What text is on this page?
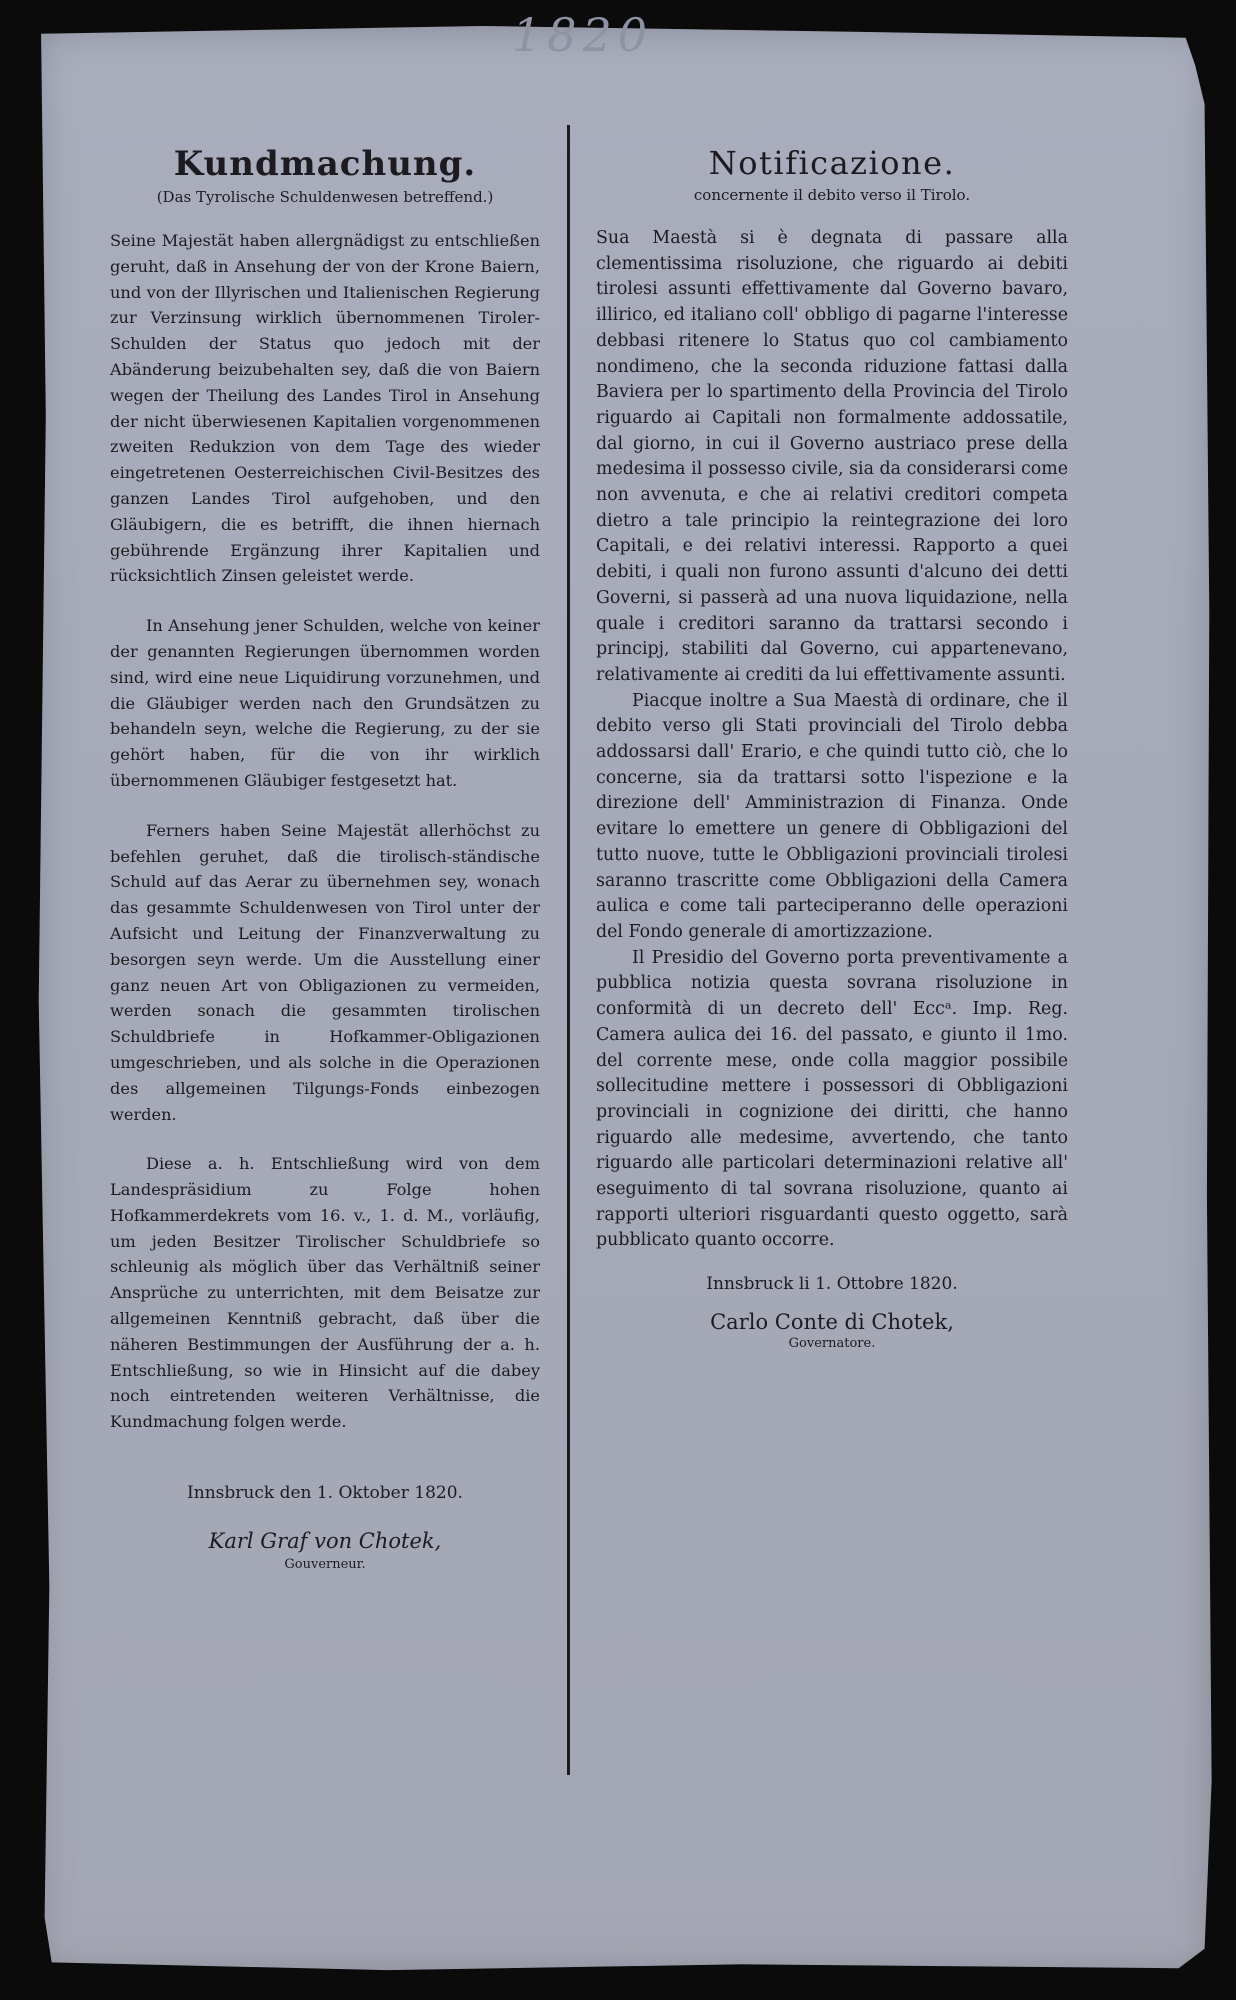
1820
Kundmachung.
(Das Tyrolische Schuldenwesen betreffend.)

Seine Majestät haben allergnädigst zu entschließen geruht, daß in Ansehung der von der Krone Baiern, und von der Illyrischen und Italienischen Regierung zur Verzinsung wirklich übernommenen Tiroler-Schulden der Status quo jedoch mit der Abänderung beizubehalten sey, daß die von Baiern wegen der Theilung des Landes Tirol in Ansehung der nicht überwiesenen Kapitalien vorgenommenen zweiten Redukzion von dem Tage des wieder eingetretenen Oesterreichischen Civil-Besitzes des ganzen Landes Tirol aufgehoben, und den Gläubigern, die es betrifft, die ihnen hiernach gebührende Ergänzung ihrer Kapitalien und rücksichtlich Zinsen geleistet werde.

In Ansehung jener Schulden, welche von keiner der genannten Regierungen übernommen worden sind, wird eine neue Liquidirung vorzunehmen, und die Gläubiger werden nach den Grundsätzen zu behandeln seyn, welche die Regierung, zu der sie gehört haben, für die von ihr wirklich übernommenen Gläubiger festgesetzt hat.

Ferners haben Seine Majestät allerhöchst zu befehlen geruhet, daß die tirolisch-ständische Schuld auf das Aerar zu übernehmen sey, wonach das gesammte Schuldenwesen von Tirol unter der Aufsicht und Leitung der Finanzverwaltung zu besorgen seyn werde. Um die Ausstellung einer ganz neuen Art von Obligazionen zu vermeiden, werden sonach die gesammten tirolischen Schuldbriefe in Hofkammer-Obligazionen umgeschrieben, und als solche in die Operazionen des allgemeinen Tilgungs-Fonds einbezogen werden.

Diese a. h. Entschließung wird von dem Landespräsidium zu Folge hohen Hofkammerdekrets vom 16. v., 1. d. M., vorläufig, um jeden Besitzer Tirolischer Schuldbriefe so schleunig als möglich über das Verhältniß seiner Ansprüche zu unterrichten, mit dem Beisatze zur allgemeinen Kenntniß gebracht, daß über die näheren Bestimmungen der Ausführung der a. h. Entschließung, so wie in Hinsicht auf die dabey noch eintretenden weiteren Verhältnisse, die Kundmachung folgen werde.

Innsbruck den 1. Oktober 1820.
Karl Graf von Chotek,
Gouverneur.
Notificazione.
concernente il debito verso il Tirolo.

Sua Maestà si è degnata di passare alla clementissima risoluzione, che riguardo ai debiti tirolesi assunti effettivamente dal Governo bavaro, illirico, ed italiano coll' obbligo di pagarne l'interesse debbasi ritenere lo Status quo col cambiamento nondimeno, che la seconda riduzione fattasi dalla Baviera per lo spartimento della Provincia del Tirolo riguardo ai Capitali non formalmente addossatile, dal giorno, in cui il Governo austriaco prese della medesima il possesso civile, sia da considerarsi come non avvenuta, e che ai relativi creditori competa dietro a tale principio la reintegrazione dei loro Capitali, e dei relativi interessi. Rapporto a quei debiti, i quali non furono assunti d'alcuno dei detti Governi, si passerà ad una nuova liquidazione, nella quale i creditori saranno da trattarsi secondo i principj, stabiliti dal Governo, cui appartenevano, relativamente ai crediti da lui effettivamente assunti.

Piacque inoltre a Sua Maestà di ordinare, che il debito verso gli Stati provinciali del Tirolo debba addossarsi dall' Erario, e che quindi tutto ciò, che lo concerne, sia da trattarsi sotto l'ispezione e la direzione dell' Amministrazion di Finanza. Onde evitare lo emettere un genere di Obbligazioni del tutto nuove, tutte le Obbligazioni provinciali tirolesi saranno trascritte come Obbligazioni della Camera aulica e come tali parteciperanno delle operazioni del Fondo generale di amortizzazione.

Il Presidio del Governo porta preventivamente a pubblica notizia questa sovrana risoluzione in conformità di un decreto dell' Eccᵃ. Imp. Reg. Camera aulica dei 16. del passato, e giunto il 1mo. del corrente mese, onde colla maggior possibile sollecitudine mettere i possessori di Obbligazioni provinciali in cognizione dei diritti, che hanno riguardo alle medesime, avvertendo, che tanto riguardo alle particolari determinazioni relative all' eseguimento di tal sovrana risoluzione, quanto ai rapporti ulteriori risguardanti questo oggetto, sarà pubblicato quanto occorre.

Innsbruck li 1. Ottobre 1820.
Carlo Conte di Chotek,
Governatore.
